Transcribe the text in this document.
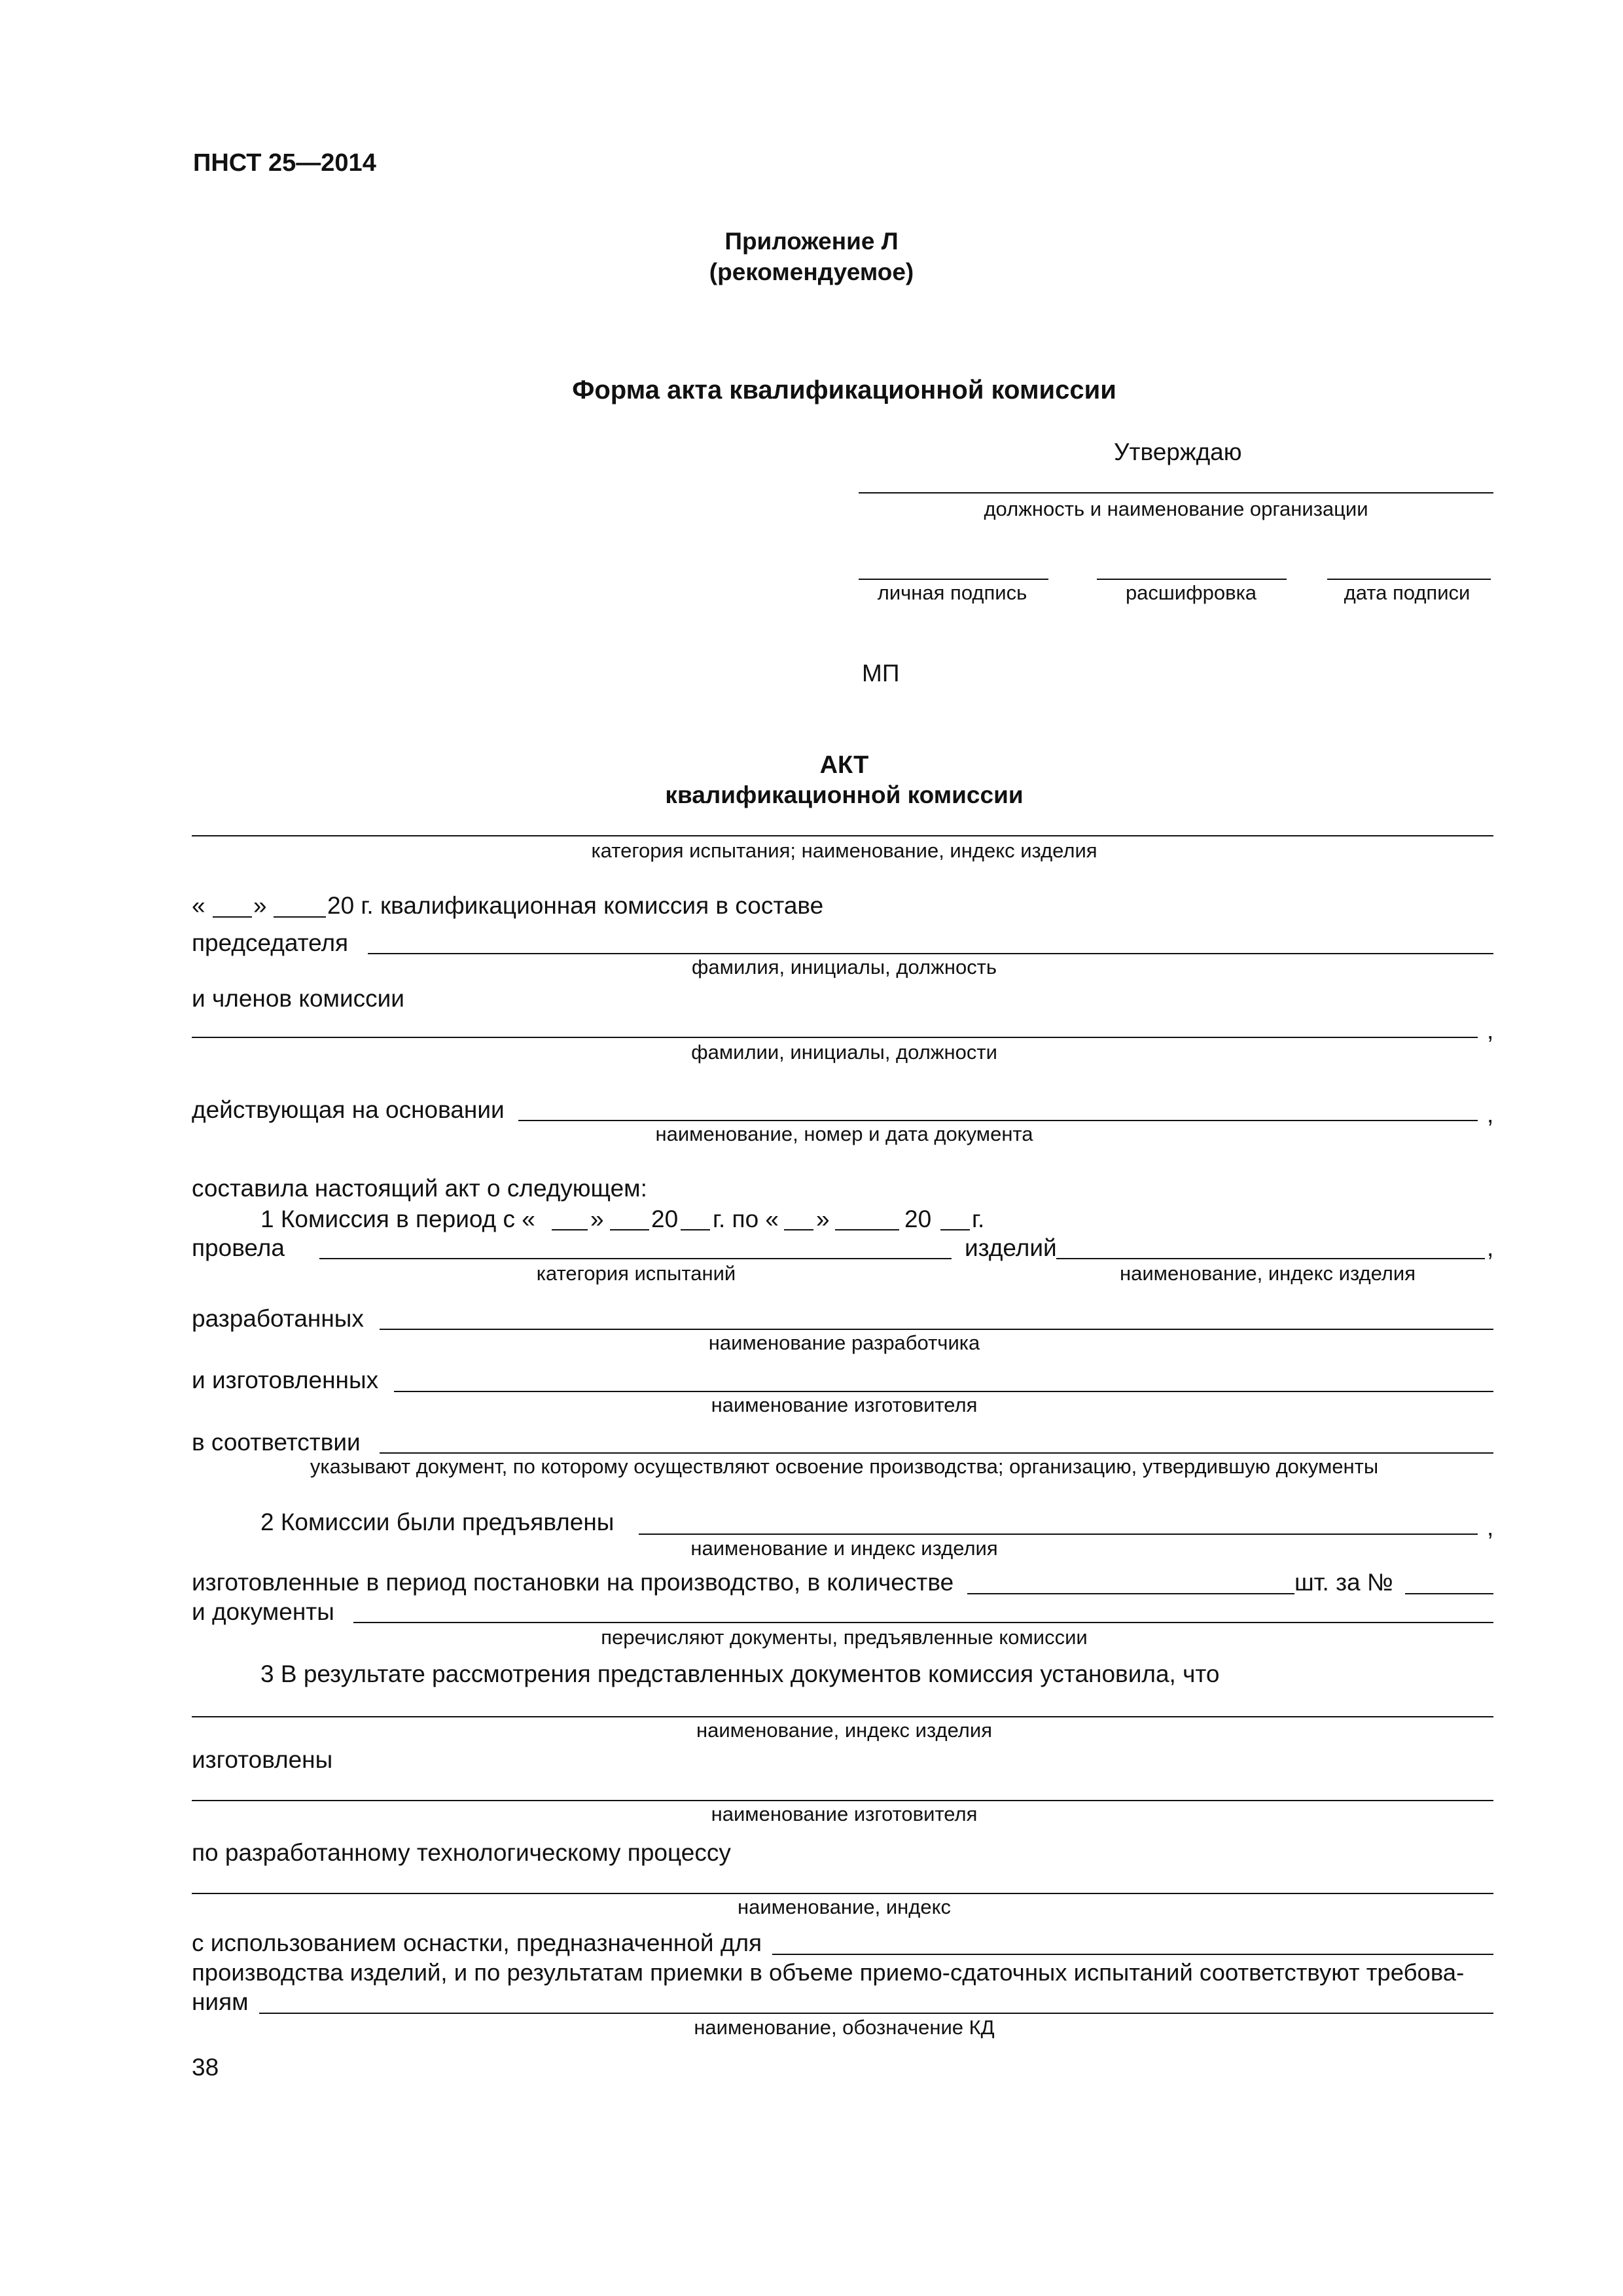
ПНСТ 25—2014
Приложение Л
(рекомендуемое)
Форма акта квалификационной комиссии
Утверждаю
должность и наименование организации
личная подпись	расшифровка	дата подписи
МП
АКТ
квалификационной комиссии
категория испытания; наименование, индекс изделия
« » 20 г. квалификационная комиссия в составе
председателя
фамилия, инициалы, должность
и членов комиссии
,
фамилии, инициалы, должности
действующая на основании	,
наименование, номер и дата документа
составила настоящий акт о следующем:
1 Комиссия в период с « » 20 г. по « »	20 г.
провела	изделий	,
категория испытаний	наименование, индекс изделия
разработанных
наименование разработчика
и изготовленных
наименование изготовителя
в соответствии
указывают документ, по которому осуществляют освоение производства; организацию, утвердившую документы
2 Комиссии были предъявлены	,
наименование и индекс изделия
изготовленные в период постановки на производство, в количестве	шт. за №
и документы
перечисляют документы, предъявленные комиссии
3 В результате рассмотрения представленных документов комиссия установила, что
наименование, индекс изделия
изготовлены
наименование изготовителя
по разработанному технологическому процессу
наименование, индекс
с использованием оснастки, предназначенной для
производства изделий, и по результатам приемки в объеме приемо-сдаточных испытаний соответствуют требова-
ниям
наименование, обозначение КД
38
